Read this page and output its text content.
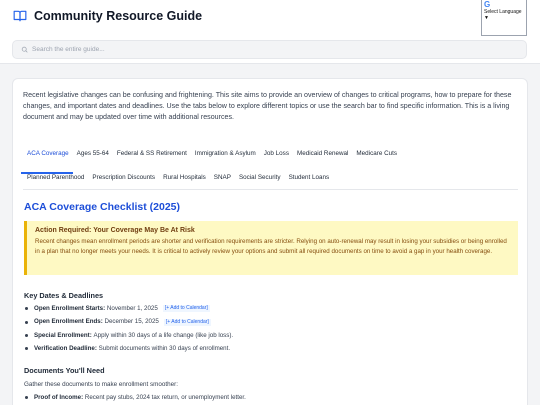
Community Resource Guide
G
Select Language
▼
Search the entire guide...

Recent legislative changes can be confusing and frightening. This site aims to provide an overview of changes to critical programs, how to prepare for these changes, and important dates and deadlines. Use the tabs below to explore different topics or use the search bar to find specific information. This is a living document and may be updated over time with additional resources.

ACA Coverage	Ages 55-64	Federal & SS Retirement	Immigration & Asylum	Job Loss	Medicaid Renewal	Medicare Cuts
Planned Parenthood	Prescription Discounts	Rural Hospitals	SNAP	Social Security	Student Loans
ACA Coverage Checklist (2025)
Action Required: Your Coverage May Be At Risk
Recent changes mean enrollment periods are shorter and verification requirements are stricter. Relying on auto-renewal may result in losing your subsidies or being enrolled in a plan that no longer meets your needs. It is critical to actively review your options and submit all required documents on time to avoid a gap in your health coverage.
Key Dates & Deadlines
Open Enrollment Starts:
November 1, 2025	[+ Add to Calendar]
Open Enrollment Ends:
December 15, 2025	[+ Add to Calendar]
Special Enrollment:
Apply within 30 days of a life change (like job loss).
Verification Deadline:
Submit documents within 30 days of enrollment.
Documents You'll Need

Gather these documents to make enrollment smoother:

Proof of Income:
Recent pay stubs, 2024 tax return, or unemployment letter.
